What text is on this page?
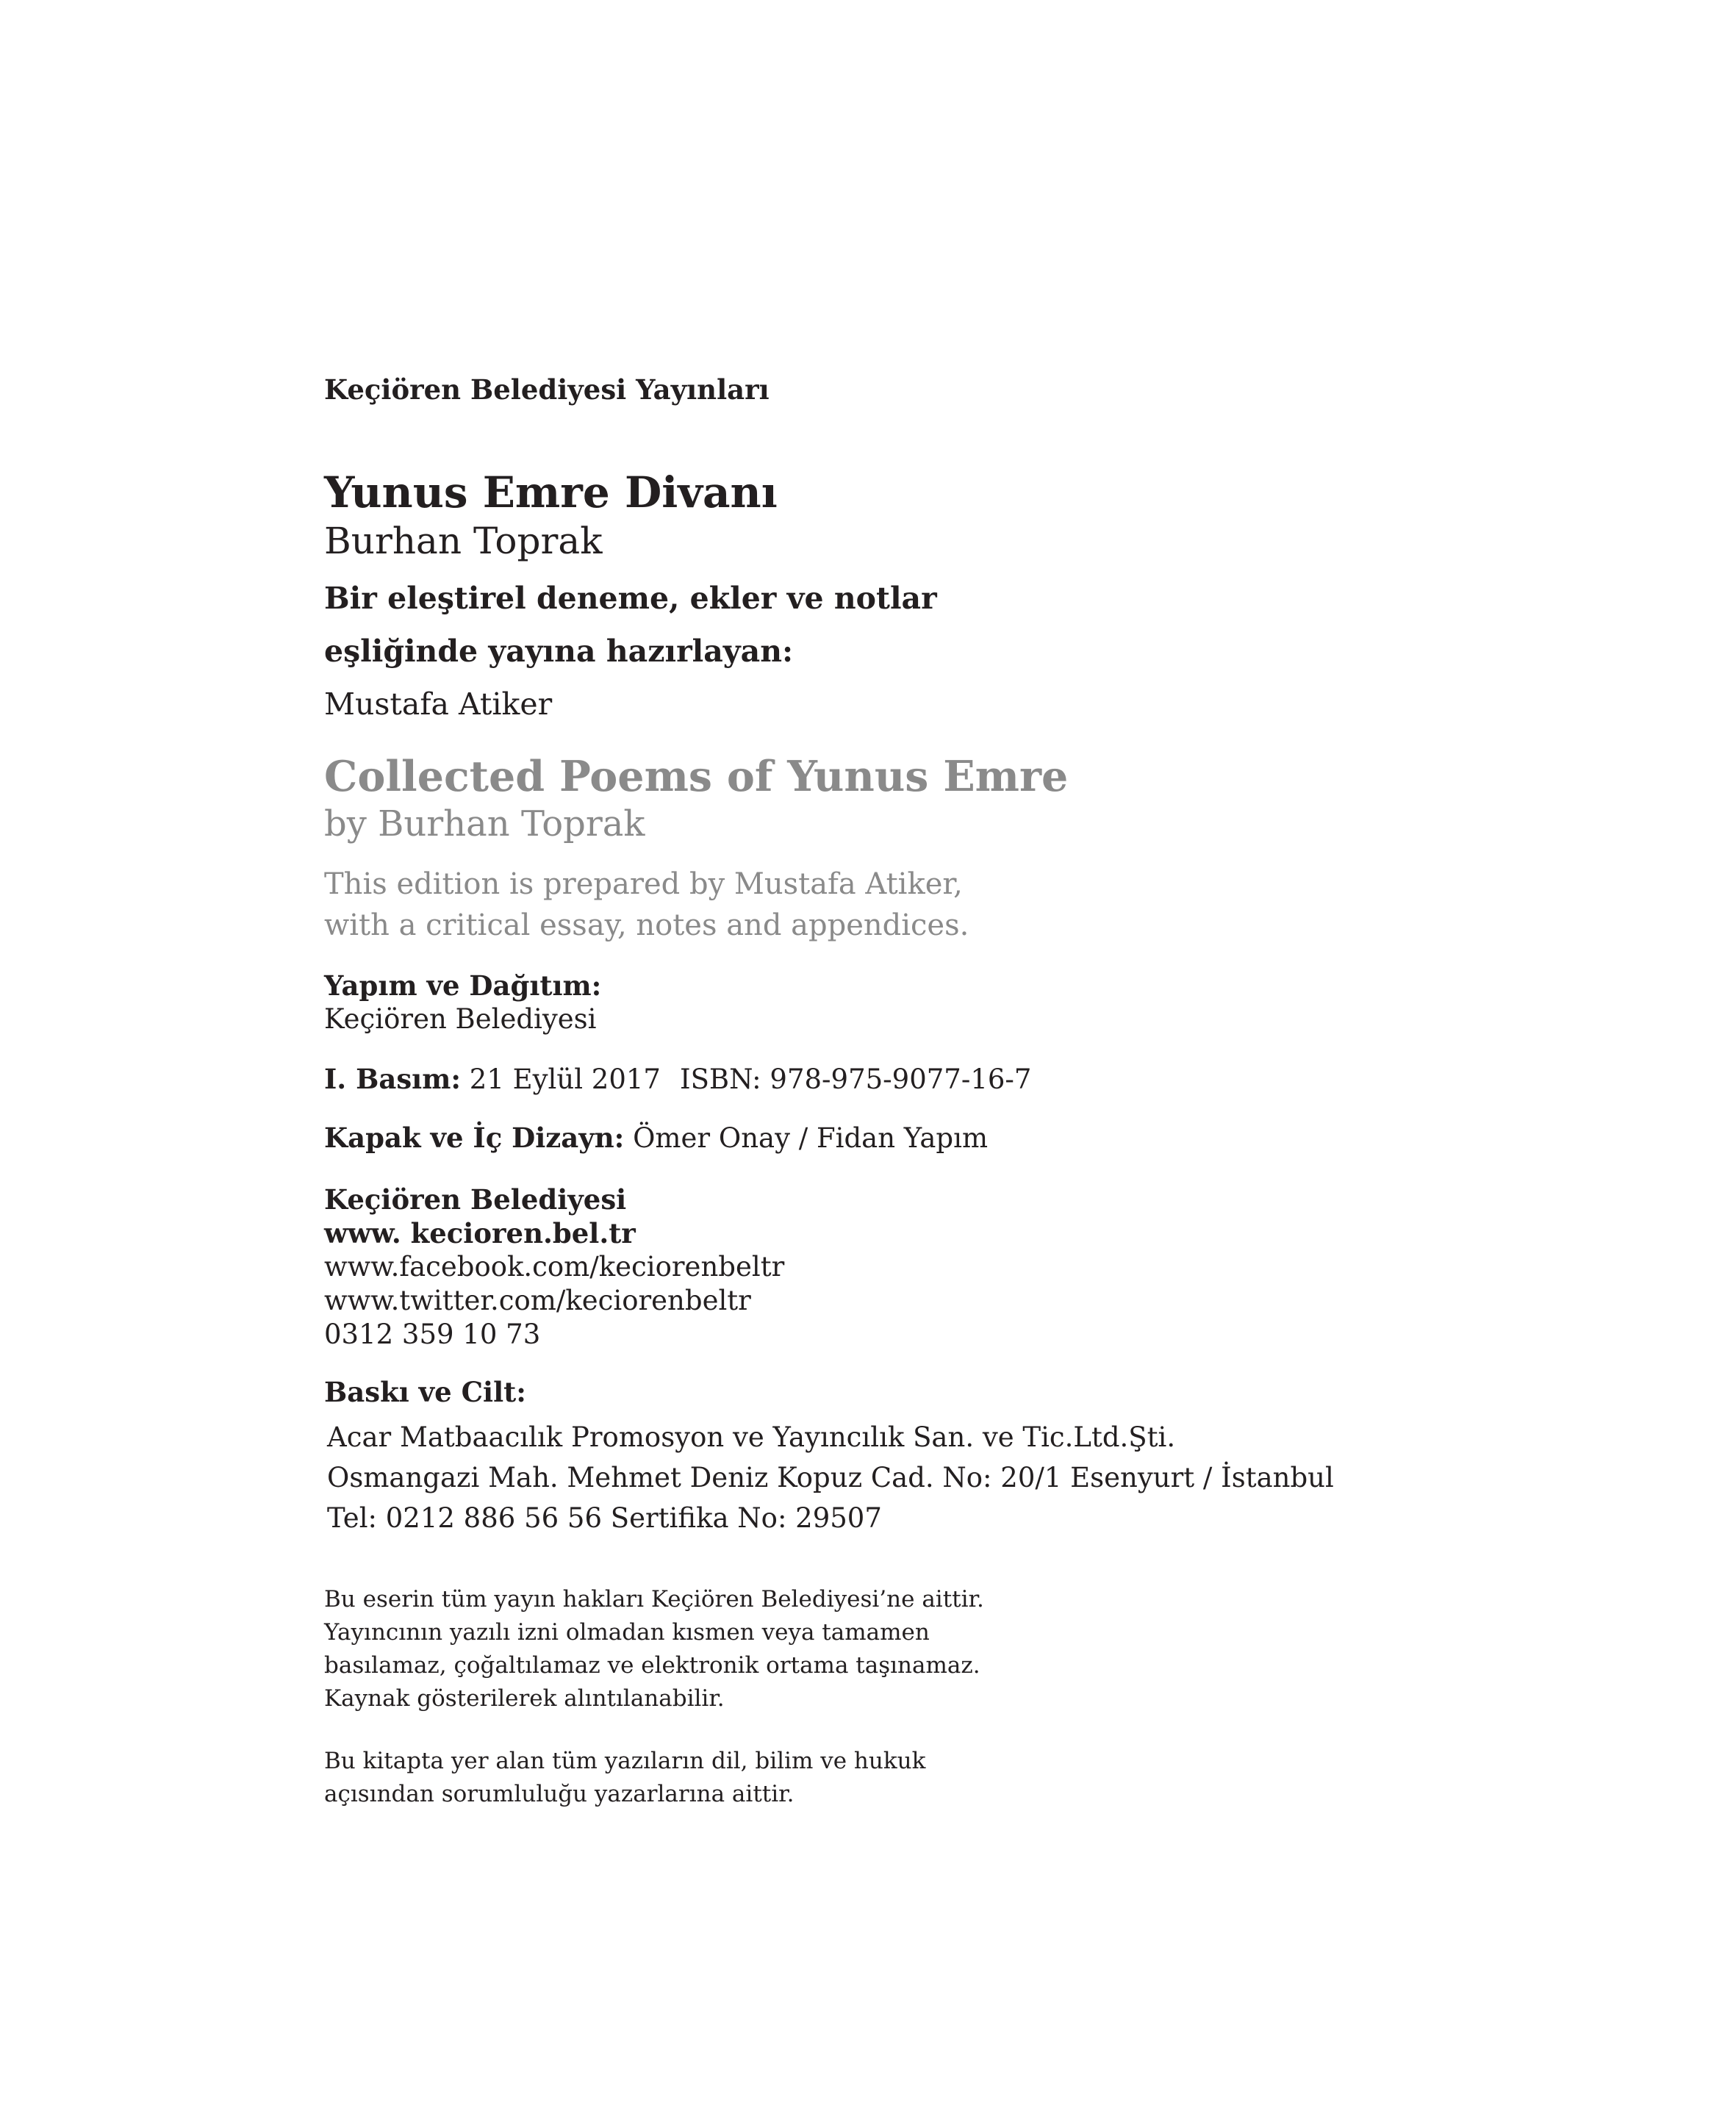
Keçiören Belediyesi Yayınları
Yunus Emre Divanı
Burhan Toprak
Bir eleştirel deneme, ekler ve notlar
eşliğinde yayına hazırlayan:
Mustafa Atiker
Collected Poems of Yunus Emre
by Burhan Toprak
This edition is prepared by Mustafa Atiker,
with a critical essay, notes and appendices.
Yapım ve Dağıtım:
Keçiören Belediyesi
I. Basım: 21 Eylül 2017 ISBN: 978-975-9077-16-7
Kapak ve İç Dizayn: Ömer Onay / Fidan Yapım
Keçiören Belediyesi
www. kecioren.bel.tr
www.facebook.com/keciorenbeltr
www.twitter.com/keciorenbeltr
0312 359 10 73
Baskı ve Cilt:
Acar Matbaacılık Promosyon ve Yayıncılık San. ve Tic.Ltd.Şti.
Osmangazi Mah. Mehmet Deniz Kopuz Cad. No: 20/1 Esenyurt / İstanbul
Tel: 0212 886 56 56 Sertifika No: 29507
Bu eserin tüm yayın hakları Keçiören Belediyesi’ne aittir.
Yayıncının yazılı izni olmadan kısmen veya tamamen
basılamaz, çoğaltılamaz ve elektronik ortama taşınamaz.
Kaynak gösterilerek alıntılanabilir.
Bu kitapta yer alan tüm yazıların dil, bilim ve hukuk
açısından sorumluluğu yazarlarına aittir.
